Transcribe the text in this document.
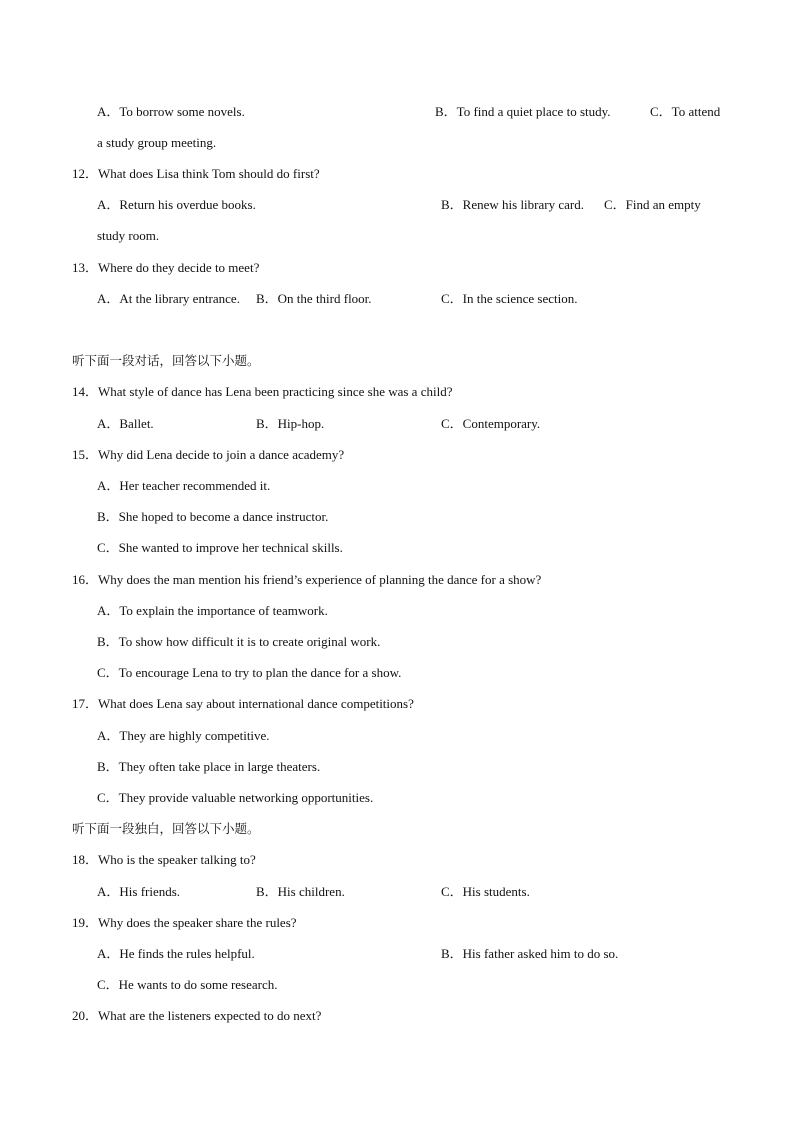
A．To borrow some novels.	B．To find a quiet place to study.	C．To attend
a study group meeting.
12．What does Lisa think Tom should do first?
A．Return his overdue books.	B．Renew his library card. C．Find an empty
study room.
13．Where do they decide to meet?
A．At the library entrance. B．On the third floor.	C．In the science section.
听下面一段对话，回答以下小题。
14．What style of dance has Lena been practicing since she was a child?
A．Ballet.	B．Hip-hop.	C．Contemporary.
15．Why did Lena decide to join a dance academy?
A．Her teacher recommended it.
B．She hoped to become a dance instructor.
C．She wanted to improve her technical skills.
16．Why does the man mention his friend’s experience of planning the dance for a show?
A．To explain the importance of teamwork.
B．To show how difficult it is to create original work.
C．To encourage Lena to try to plan the dance for a show.
17．What does Lena say about international dance competitions?
A．They are highly competitive.
B．They often take place in large theaters.
C．They provide valuable networking opportunities.
听下面一段独白，回答以下小题。
18．Who is the speaker talking to?
A．His friends.	B．His children.	C．His students.
19．Why does the speaker share the rules?
A．He finds the rules helpful.	B．His father asked him to do so.
C．He wants to do some research.
20．What are the listeners expected to do next?
